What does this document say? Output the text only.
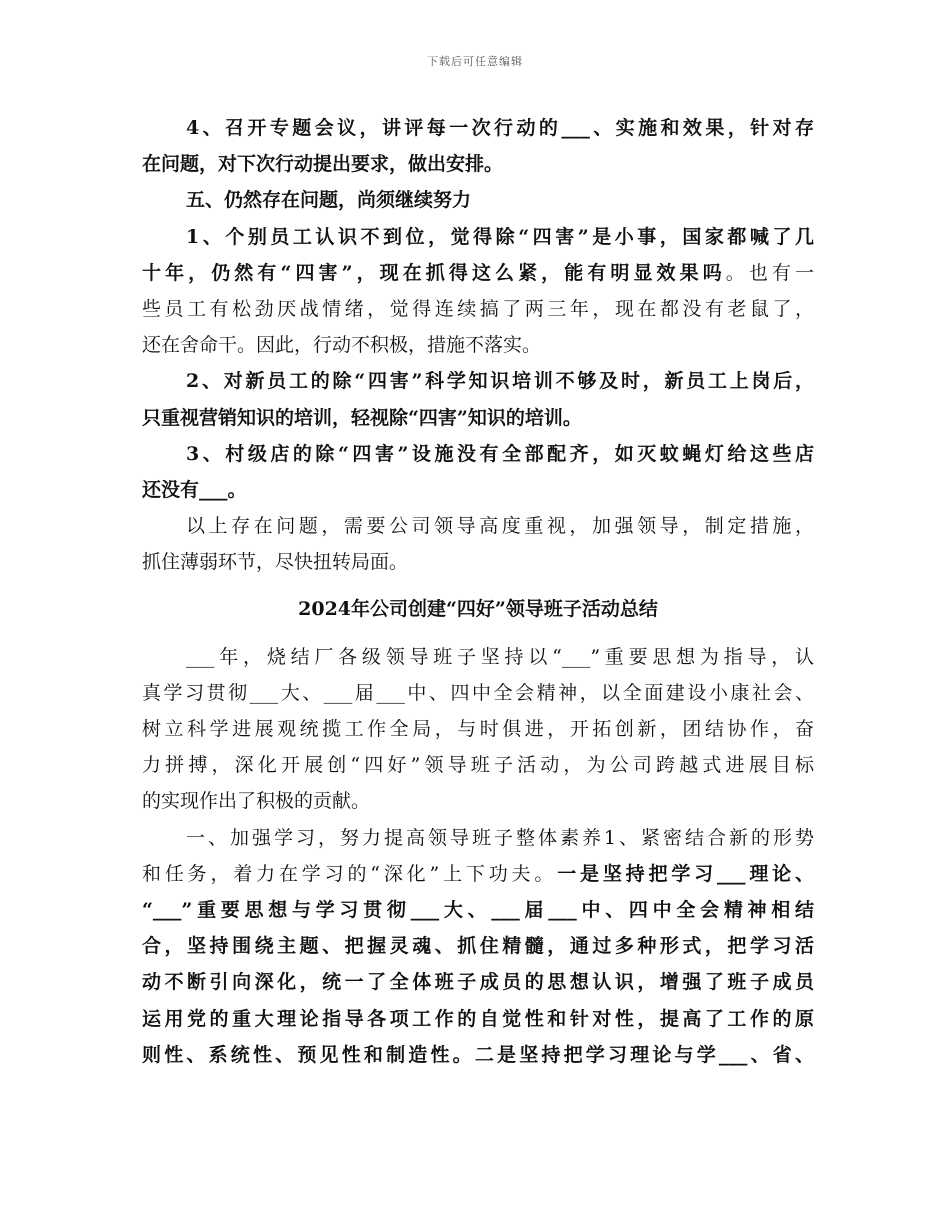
下载后可任意编辑
4、召开专题会议，讲评每一次行动的___、实施和效果，针对存
在问题，对下次行动提出要求，做出安排。
五、仍然存在问题，尚须继续努力
1、个别员工认识不到位，觉得除“四害”是小事，国家都喊了几
十年，仍然有“四害”，现在抓得这么紧，能有明显效果吗。也有一
些员工有松劲厌战情绪，觉得连续搞了两三年，现在都没有老鼠了，
还在舍命干。因此，行动不积极，措施不落实。
2、对新员工的除“四害”科学知识培训不够及时，新员工上岗后，
只重视营销知识的培训，轻视除“四害”知识的培训。
3、村级店的除“四害”设施没有全部配齐，如灭蚊蝇灯给这些店
还没有___。
以上存在问题，需要公司领导高度重视，加强领导，制定措施，
抓住薄弱环节，尽快扭转局面。
2024年公司创建“四好”领导班子活动总结
___年，烧结厂各级领导班子坚持以“___”重要思想为指导，认
真学习贯彻___大、___届___中、四中全会精神，以全面建设小康社会、
树立科学进展观统揽工作全局，与时俱进，开拓创新，团结协作，奋
力拼搏，深化开展创“四好”领导班子活动，为公司跨越式进展目标
的实现作出了积极的贡献。
一、加强学习，努力提高领导班子整体素养1、紧密结合新的形势
和任务，着力在学习的“深化”上下功夫。一是坚持把学习___理论、
“___”重要思想与学习贯彻___大、___届___中、四中全会精神相结
合，坚持围绕主题、把握灵魂、抓住精髓，通过多种形式，把学习活
动不断引向深化，统一了全体班子成员的思想认识，增强了班子成员
运用党的重大理论指导各项工作的自觉性和针对性，提高了工作的原
则性、系统性、预见性和制造性。二是坚持把学习理论与学___、省、
